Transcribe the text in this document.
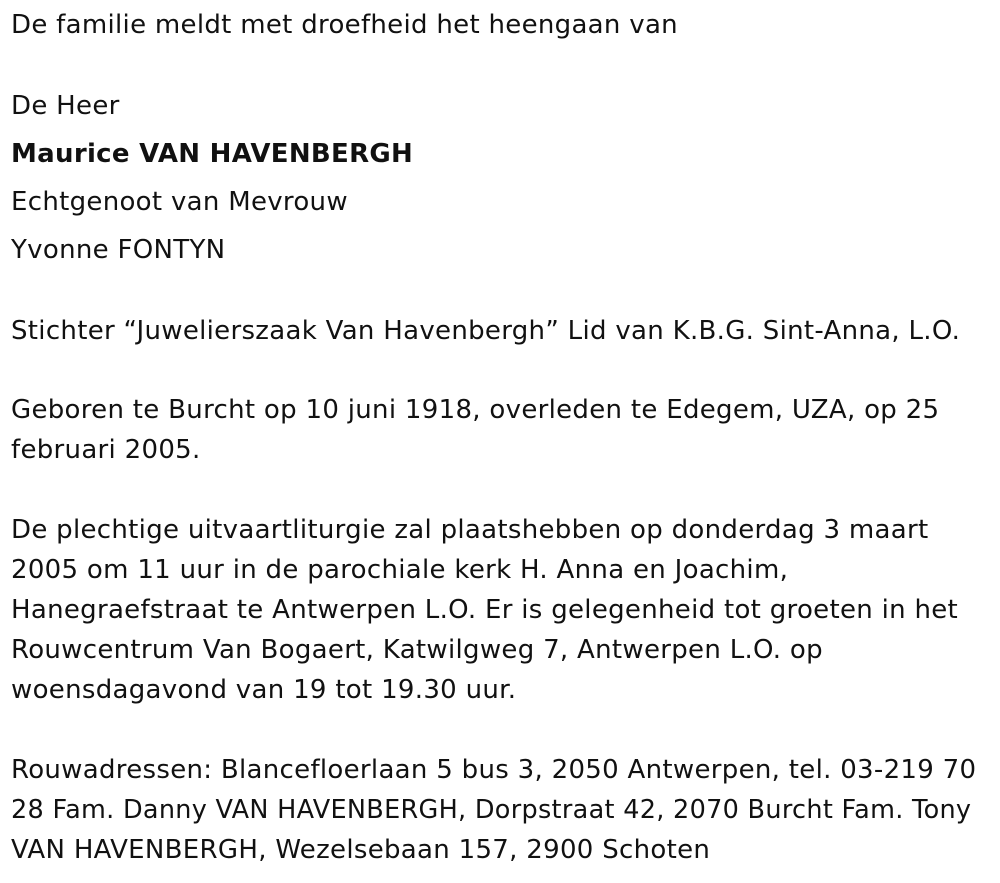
De familie meldt met droefheid het heengaan van
De Heer
Maurice VAN HAVENBERGH
Echtgenoot van Mevrouw
Yvonne FONTYN
Stichter “Juwelierszaak Van Havenbergh” Lid van K.B.G. Sint-Anna, L.O.
Geboren te Burcht op 10 juni 1918, overleden te Edegem, UZA, op 25
februari 2005.
De plechtige uitvaartliturgie zal plaatshebben op donderdag 3 maart
2005 om 11 uur in de parochiale kerk H. Anna en Joachim,
Hanegraefstraat te Antwerpen L.O. Er is gelegenheid tot groeten in het
Rouwcentrum Van Bogaert, Katwilgweg 7, Antwerpen L.O. op
woensdagavond van 19 tot 19.30 uur.
Rouwadressen: Blancefloerlaan 5 bus 3, 2050 Antwerpen, tel. 03-219 70
28 Fam. Danny VAN HAVENBERGH, Dorpstraat 42, 2070 Burcht Fam. Tony
VAN HAVENBERGH, Wezelsebaan 157, 2900 Schoten
